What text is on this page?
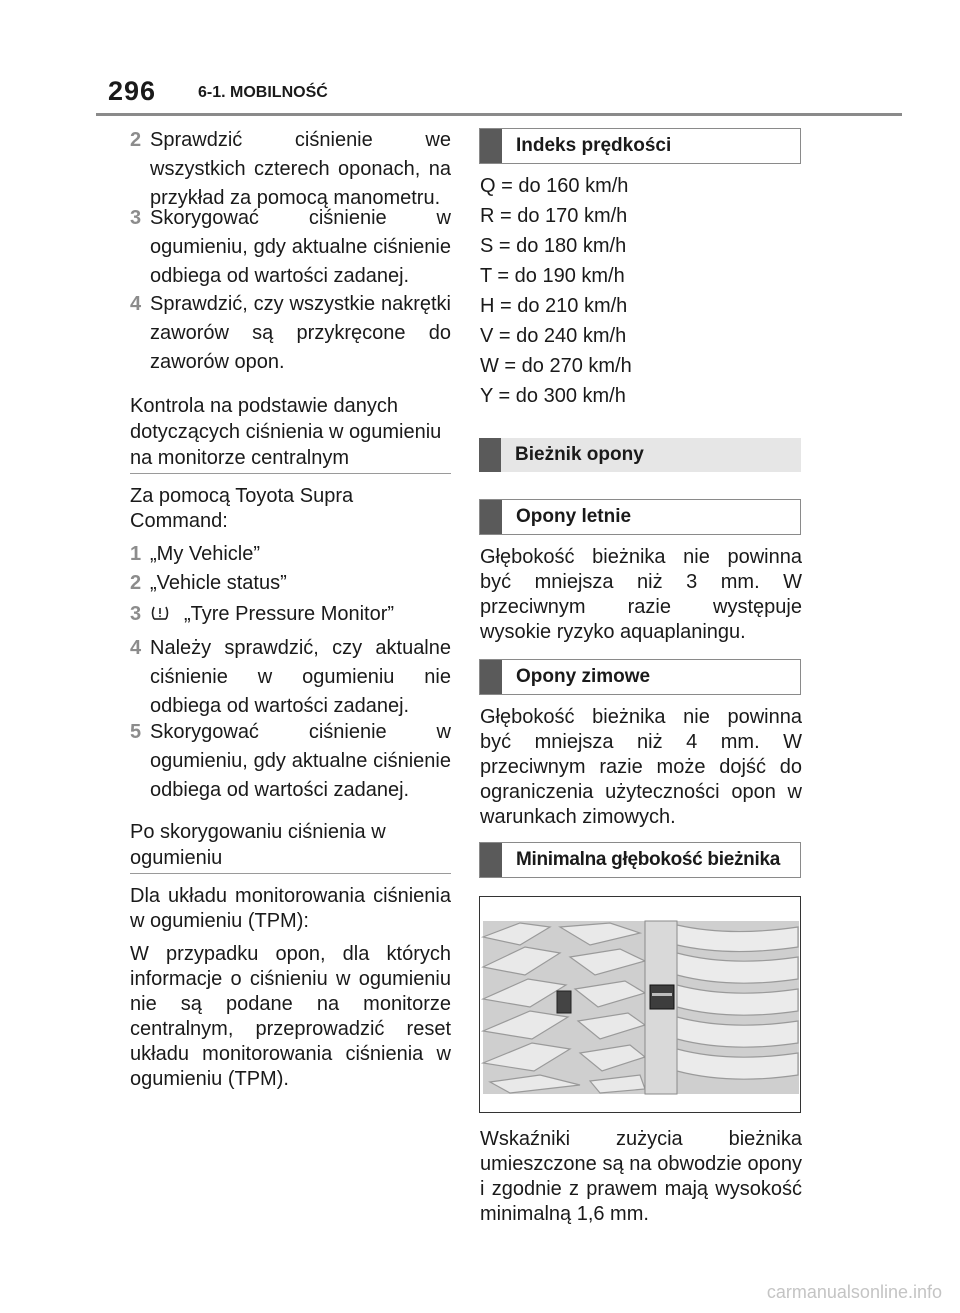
296	6-1. MOBILNOŚĆ
2 Sprawdzić ciśnienie we wszystkich czterech oponach, na przykład za pomocą manometru.
3 Skorygować ciśnienie w ogumieniu, gdy aktualne ciśnienie odbiega od wartości zadanej.
4 Sprawdzić, czy wszystkie nakrętki zaworów są przykręcone do zaworów opon.
Kontrola na podstawie danych dotyczących ciśnienia w ogumieniu na monitorze centralnym
Za pomocą Toyota Supra Command:
1 „My Vehicle”
2 „Vehicle status”
3	„Tyre Pressure Monitor”
4 Należy sprawdzić, czy aktualne ciśnienie w ogumieniu nie odbiega od wartości zadanej.
5 Skorygować ciśnienie w ogumieniu, gdy aktualne ciśnienie odbiega od wartości zadanej.
Po skorygowaniu ciśnienia w ogumieniu
Dla układu monitorowania ciśnienia w ogumieniu (TPM):
W przypadku opon, dla których informacje o ciśnieniu w ogumieniu nie są podane na monitorze centralnym, przeprowadzić reset układu monitorowania ciśnienia w ogumieniu (TPM).
Indeks prędkości
Q = do 160 km/h
R = do 170 km/h
S = do 180 km/h
T = do 190 km/h
H = do 210 km/h
V = do 240 km/h
W = do 270 km/h
Y = do 300 km/h
Bieżnik opony
Opony letnie
Głębokość bieżnika nie powinna być mniejsza niż 3 mm. W przeciwnym razie występuje wysokie ryzyko aquaplaningu.
Opony zimowe
Głębokość bieżnika nie powinna być mniejsza niż 4 mm. W przeciwnym razie może dojść do ograniczenia użyteczności opon w warunkach zimowych.
Minimalna głębokość bieżnika
Wskaźniki zużycia bieżnika umieszczone są na obwodzie opony i zgodnie z prawem mają wysokość minimalną 1,6 mm.
carmanualsonline.info
